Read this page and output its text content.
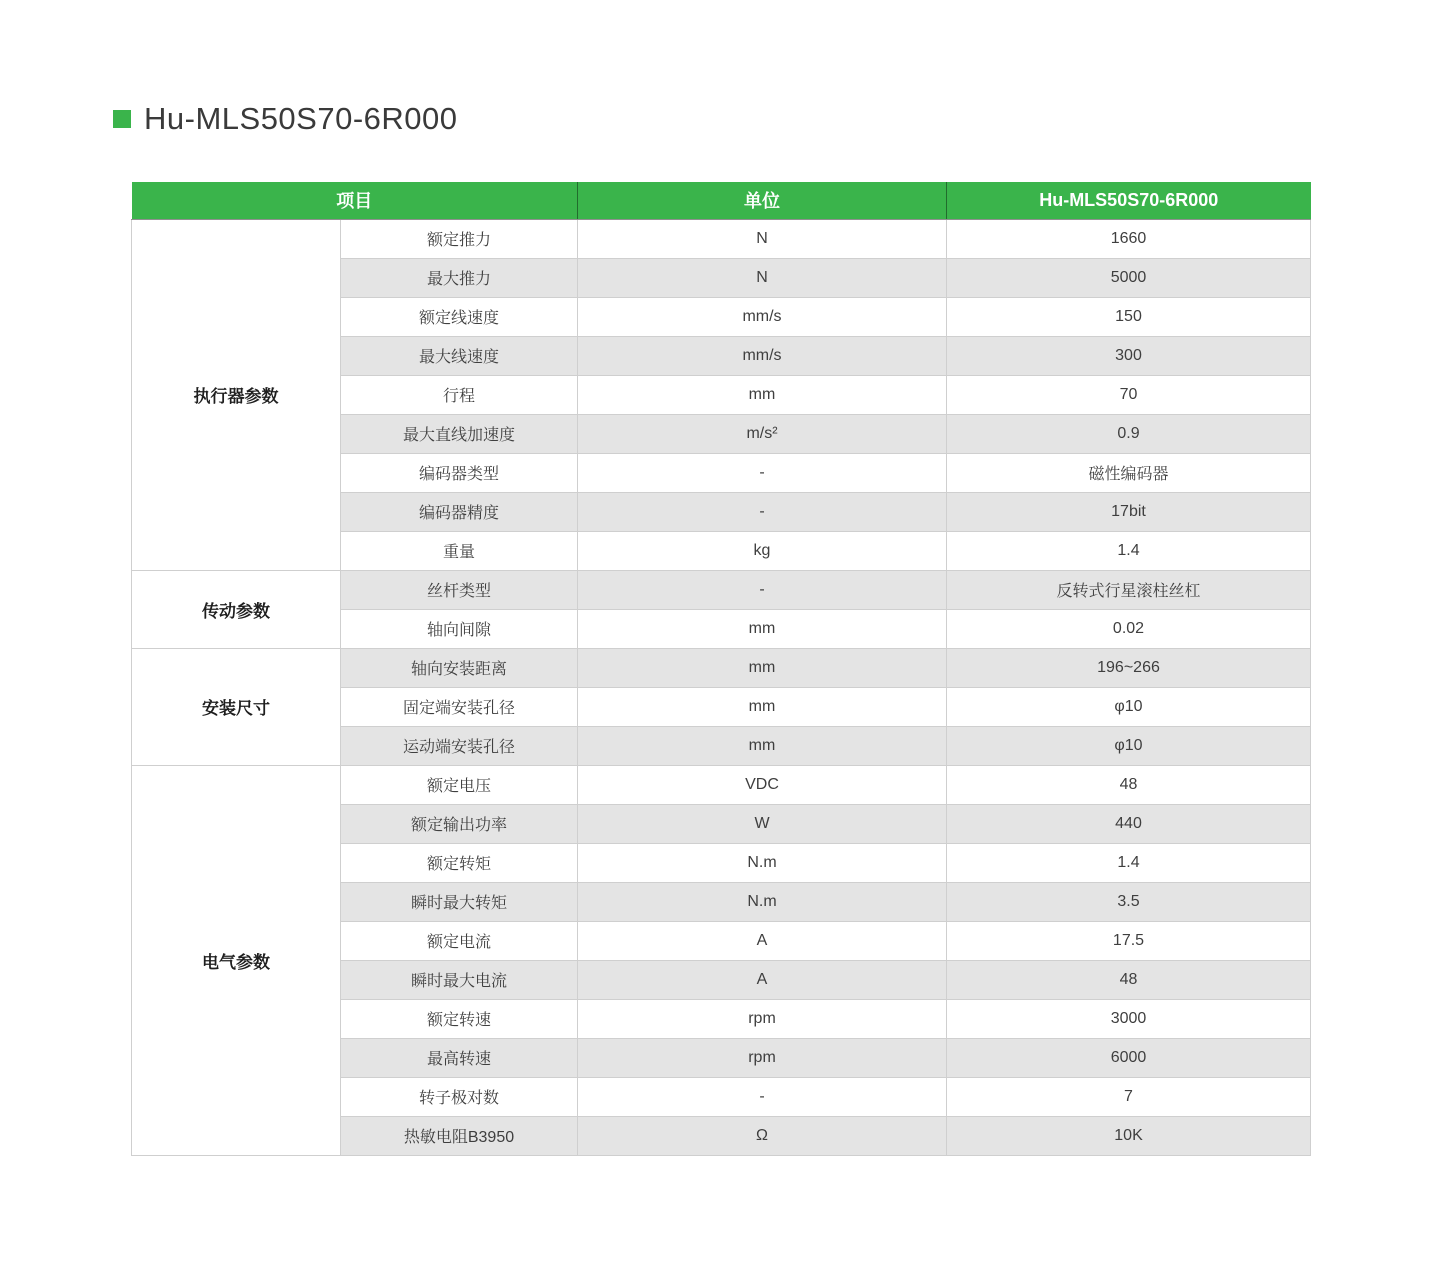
Hu-MLS50S70-6R000
项目		单位	Hu-MLS50S70-6R000
执行器参数	额定推力	N	1660
	最大推力	N	5000
	额定线速度	mm/s	150
	最大线速度	mm/s	300
	行程	mm	70
	最大直线加速度	m/s²	0.9
	编码器类型	-	磁性编码器
	编码器精度	-	17bit
	重量	kg	1.4
传动参数	丝杆类型	-	反转式行星滚柱丝杠
	轴向间隙	mm	0.02
安装尺寸	轴向安装距离	mm	196~266
	固定端安装孔径	mm	φ10
	运动端安装孔径	mm	φ10
电气参数	额定电压	VDC	48
	额定输出功率	W	440
	额定转矩	N.m	1.4
	瞬时最大转矩	N.m	3.5
	额定电流	A	17.5
	瞬时最大电流	A	48
	额定转速	rpm	3000
	最高转速	rpm	6000
	转子极对数	-	7
	热敏电阻B3950	Ω	10K
